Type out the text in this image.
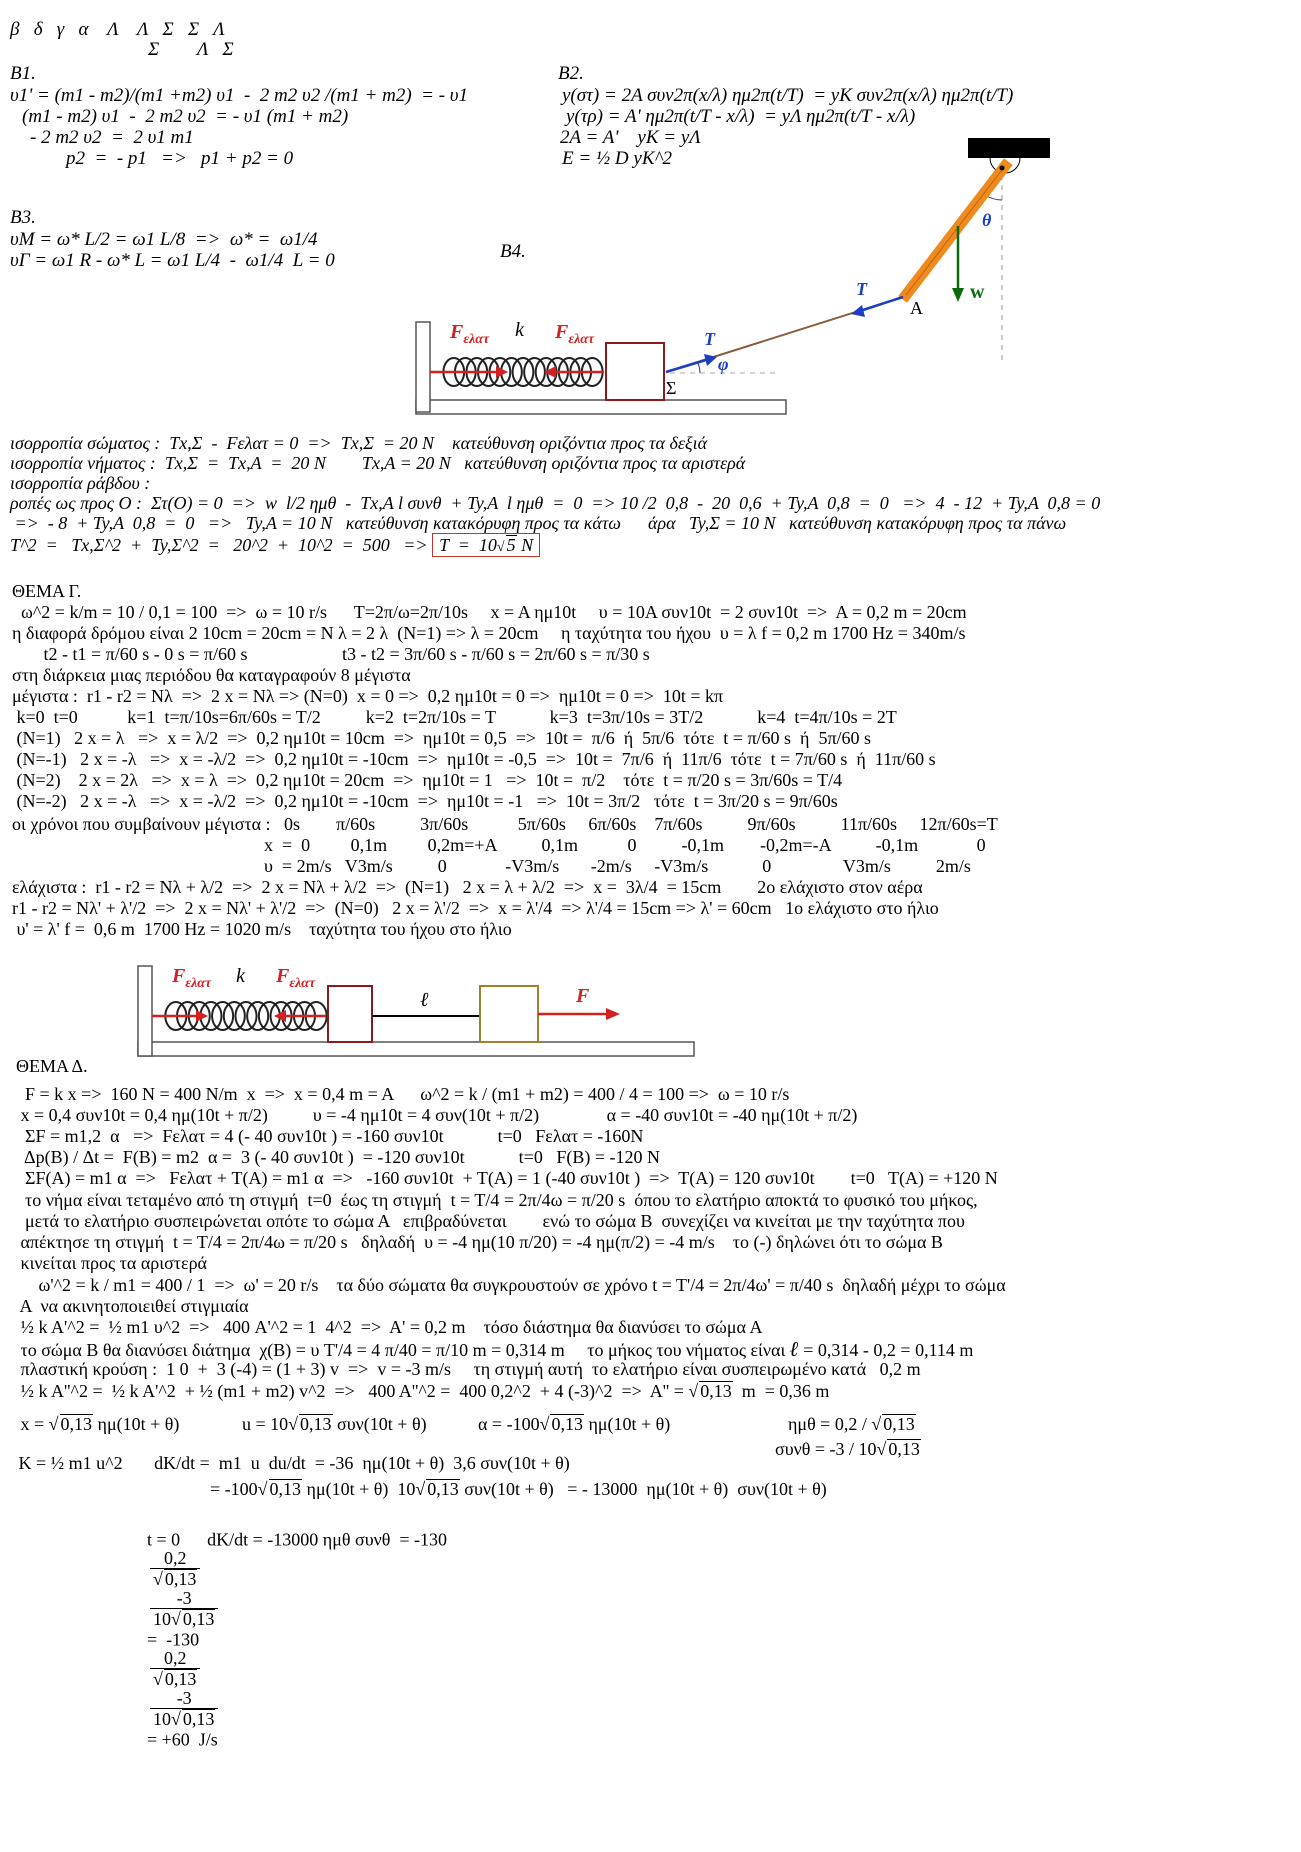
β   δ   γ   α    Λ    Λ   Σ   Σ   Λ
Σ        Λ   Σ
Β1.
υ1' = (m1 - m2)/(m1 +m2) υ1  -  2 m2 υ2 /(m1 + m2)  = - υ1
(m1 - m2) υ1  -  2 m2 υ2  = - υ1 (m1 + m2)
- 2 m2 υ2  =  2 υ1 m1
p2  =  - p1   =>   p1 + p2 = 0
Β2.
y(στ) = 2A συν2π(x/λ) ημ2π(t/T)  = yK συν2π(x/λ) ημ2π(t/T)
y(τρ) = A' ημ2π(t/T - x/λ)  = yΛ ημ2π(t/T - x/λ)
2A = A'    yK = yΛ
E = ½ D yK^2
Β3.
υΜ = ω* L/2 = ω1 L/8  =>  ω* =  ω1/4
υΓ = ω1 R - ω* L = ω1 L/4  -  ω1/4  L = 0	Β4.
$F_{\varepsilon\lambda\alpha\tau}$	$F_{\varepsilon\lambda\alpha\tau}$
k	T
φ
Σ
T
A
θ
w
ισορροπία σώματος :  Tx,Σ  -  Fελατ = 0  =>  Tx,Σ  = 20 N    κατεύθυνση οριζόντια προς τα δεξιά
ισορροπία νήματος :  Tx,Σ  =  Tx,A  =  20 N        Tx,A = 20 N   κατεύθυνση οριζόντια προς τα αριστερά
ισορροπία ράβδου :
ροπές ως προς Ο :  Στ(Ο) = 0  =>  w  l/2 ημθ  -  Tx,A l συνθ  + Ty,A  l ημθ  =  0  => 10 /2  0,8  -  20  0,6  + Ty,A  0,8  =  0   =>  4  - 12  + Ty,A  0,8 = 0
=>  - 8  + Ty,A  0,8  =  0   =>   Ty,A = 10 N   κατεύθυνση κατακόρυφη προς τα κάτω      άρα   Ty,Σ = 10 N   κατεύθυνση κατακόρυφη προς τα πάνω
T^2  =   Tx,Σ^2  +  Ty,Σ^2  =   20^2  +  10^2  =  500   => T  =  10√ 5 N
ΘΕΜΑ Γ.
ω^2 = k/m = 10 / 0,1 = 100  =>  ω = 10 r/s      T=2π/ω=2π/10s     x = A ημ10t     υ = 10A συν10t  = 2 συν10t  =>  A = 0,2 m = 20cm
η διαφορά δρόμου είναι 2 10cm = 20cm = N λ = 2 λ  (N=1) => λ = 20cm     η ταχύτητα του ήχου  υ = λ f = 0,2 m 1700 Hz = 340m/s
t2 - t1 = π/60 s - 0 s = π/60 s                     t3 - t2 = 3π/60 s - π/60 s = 2π/60 s = π/30 s
στη διάρκεια μιας περιόδου θα καταγραφούν 8 μέγιστα
μέγιστα :  r1 - r2 = Nλ  =>  2 x = Nλ => (N=0)  x = 0 =>  0,2 ημ10t = 0 =>  ημ10t = 0 =>  10t = kπ
k=0  t=0           k=1  t=π/10s=6π/60s = T/2          k=2  t=2π/10s = T            k=3  t=3π/10s = 3T/2            k=4  t=4π/10s = 2T
(N=1)   2 x = λ   =>  x = λ/2  =>  0,2 ημ10t = 10cm  =>  ημ10t = 0,5  =>  10t =  π/6  ή  5π/6  τότε  t = π/60 s  ή  5π/60 s
(N=-1)   2 x = -λ   =>  x = -λ/2  =>  0,2 ημ10t = -10cm  =>  ημ10t = -0,5  =>  10t =  7π/6  ή  11π/6  τότε  t = 7π/60 s  ή  11π/60 s
(N=2)    2 x = 2λ   =>  x = λ  =>  0,2 ημ10t = 20cm  =>  ημ10t = 1   =>  10t =  π/2    τότε  t = π/20 s = 3π/60s = T/4
(N=-2)   2 x = -λ   =>  x = -λ/2  =>  0,2 ημ10t = -10cm  =>  ημ10t = -1   =>  10t = 3π/2   τότε  t = 3π/20 s = 9π/60s
οι χρόνοι που συμβαίνουν μέγιστα :   0s        π/60s          3π/60s           5π/60s     6π/60s    7π/60s          9π/60s          11π/60s     12π/60s=T
x  =  0         0,1m         0,2m=+A          0,1m           0          -0,1m        -0,2m=-A          -0,1m             0
υ  = 2m/s   V3m/s          0             -V3m/s       -2m/s     -V3m/s            0                V3m/s          2m/s
ελάχιστα :  r1 - r2 = Nλ + λ/2  =>  2 x = Nλ + λ/2  =>  (N=1)   2 x = λ + λ/2  =>  x =  3λ/4  = 15cm        2ο ελάχιστο στον αέρα
r1 - r2 = Nλ' + λ'/2  =>  2 x = Nλ' + λ'/2  =>  (N=0)   2 x = λ'/2  =>  x = λ'/4  => λ'/4 = 15cm => λ' = 60cm   1ο ελάχιστο στο ήλιο
υ' = λ' f =  0,6 m  1700 Hz = 1020 m/s    ταχύτητα του ήχου στο ήλιο
$F_{\varepsilon\lambda\alpha\tau}$	$F_{\varepsilon\lambda\alpha\tau}$
k
ℓ	F
ΘΕΜΑ Δ.
F = k x =>  160 N = 400 N/m  x  =>  x = 0,4 m = A      ω^2 = k / (m1 + m2) = 400 / 4 = 100 =>  ω = 10 r/s
x = 0,4 συν10t = 0,4 ημ(10t + π/2)          υ = -4 ημ10t = 4 συν(10t + π/2)               α = -40 συν10t = -40 ημ(10t + π/2)
ΣF = m1,2  α   =>  Fελατ = 4 (- 40 συν10t ) = -160 συν10t            t=0   Fελατ = -160N
Δp(B) / Δt =  F(B) = m2  α =  3 (- 40 συν10t )  = -120 συν10t            t=0   F(B) = -120 N
ΣF(A) = m1 α  =>   Fελατ + T(A) = m1 α  =>   -160 συν10t  + T(A) = 1 (-40 συν10t )  =>  T(A) = 120 συν10t        t=0   T(A) = +120 N
το νήμα είναι τεταμένο από τη στιγμή  t=0  έως τη στιγμή  t = T/4 = 2π/4ω = π/20 s  όπου το ελατήριο αποκτά το φυσικό του μήκος,
μετά το ελατήριο συσπειρώνεται οπότε το σώμα Α   επιβραδύνεται        ενώ το σώμα Β  συνεχίζει να κινείται με την ταχύτητα που
απέκτησε τη στιγμή  t = T/4 = 2π/4ω = π/20 s   δηλαδή  υ = -4 ημ(10 π/20) = -4 ημ(π/2) = -4 m/s    το (-) δηλώνει ότι το σώμα Β
κινείται προς τα αριστερά
ω'^2 = k / m1 = 400 / 1  =>  ω' = 20 r/s    τα δύο σώματα θα συγκρουστούν σε χρόνο t = T'/4 = 2π/4ω' = π/40 s  δηλαδή μέχρι το σώμα
A  να ακινητοποιειθεί στιγμιαία
½ k A'^2 =  ½ m1 υ^2  =>   400 A'^2 = 1  4^2  =>  A' = 0,2 m    τόσο διάστημα θα διανύσει το σώμα Α
το σώμα Β θα διανύσει διάτημα  χ(Β) = υ T'/4 = 4 π/40 = π/10 m = 0,314 m     το μήκος του νήματος είναι ℓ = 0,314 - 0,2 = 0,114 m
πλαστική κρούση :  1 0  +  3 (-4) = (1 + 3) v  =>  v = -3 m/s     τη στιγμή αυτή  το ελατήριο είναι συσπειρωμένο κατά   0,2 m
½ k A''^2 =  ½ k A'^2  + ½ (m1 + m2) v^2  =>   400 A''^2 =  400 0,2^2  + 4 (-3)^2  =>  A'' = √ 0,13  m  = 0,36 m
x = √ 0,13 ημ(10t + θ)	u = 10√ 0,13 συν(10t + θ)	α = -100√ 0,13 ημ(10t + θ)	ημθ = 0,2 / √ 0,13
συνθ = -3 / 10√ 0,13
K = ½ m1 u^2       dK/dt =  m1  u  du/dt  = -36  ημ(10t + θ)  3,6 συν(10t + θ)
= -100√ 0,13 ημ(10t + θ)  10√ 0,13 συν(10t + θ)   = - 13000  ημ(10t + θ)  συν(10t + θ)

t = 0      dK/dt = -13000 ημθ συνθ  = -130

$\frac{0,2}{√ 0,13}$

$\frac{-3}{10√ 0,13}$

=  -130

$\frac{0,2}{√ 0,13}$

$\frac{-3}{10√ 0,13}$

= +60  J/s
